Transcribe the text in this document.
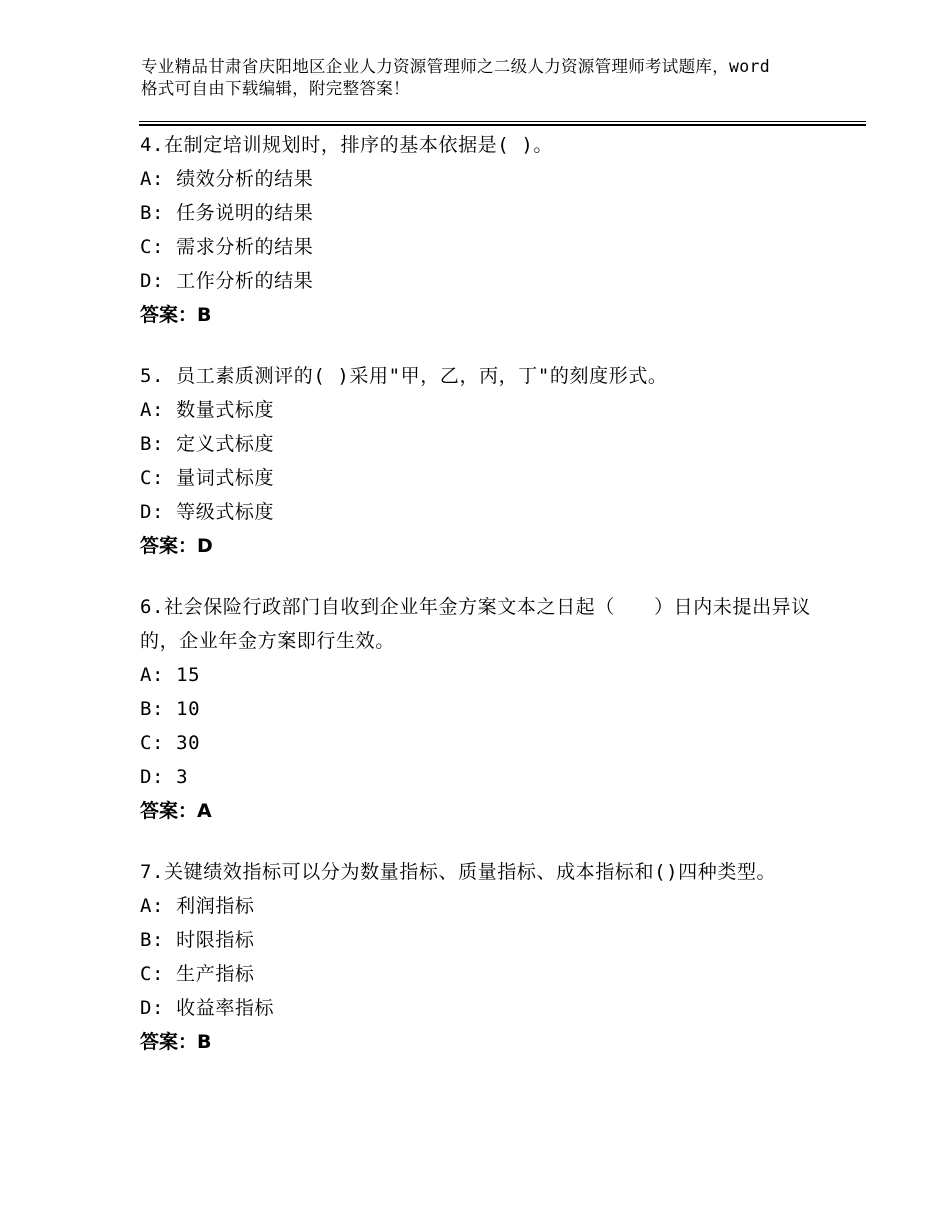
专业精品甘肃省庆阳地区企业人力资源管理师之二级人力资源管理师考试题库，word格式可自由下载编辑，附完整答案！
4.在制定培训规划时，排序的基本依据是( )。
A: 绩效分析的结果
B: 任务说明的结果
C: 需求分析的结果
D: 工作分析的结果
答案：B
5. 员工素质测评的( )采用"甲，乙，丙，丁"的刻度形式。
A: 数量式标度
B: 定义式标度
C: 量词式标度
D: 等级式标度
答案：D
6.社会保险行政部门自收到企业年金方案文本之日起（　　）日内未提出异议的，企业年金方案即行生效。
A: 15
B: 10
C: 30
D: 3
答案：A
7.关键绩效指标可以分为数量指标、质量指标、成本指标和()四种类型。
A: 利润指标
B: 时限指标
C: 生产指标
D: 收益率指标
答案：B
